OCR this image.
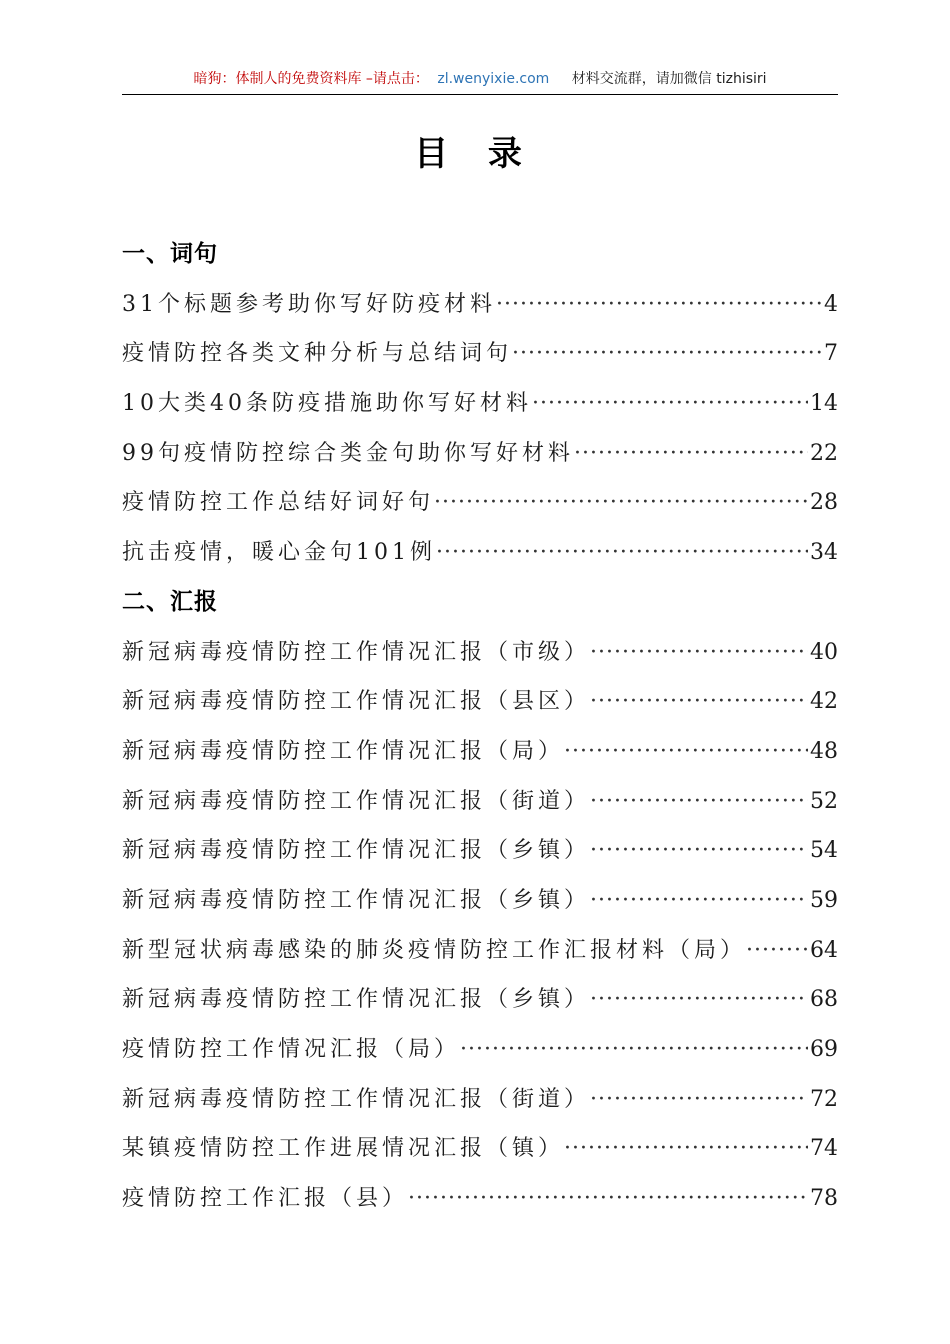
暗狗：体制人的免费资料库 –请点击： zl.wenyixie.com 材料交流群，请加微信 tizhisiri
目 录
一、词句
31个标题参考助你写好防疫材料 ·····	4
疫情防控各类文种分析与总结词句 ·····	7
10大类40条防疫措施助你写好材料 ·····	14
99句疫情防控综合类金句助你写好材料 ·····	22
疫情防控工作总结好词好句 ·····	28
抗击疫情，暖心金句101例 ·····	34
二、汇报
新冠病毒疫情防控工作情况汇报（市级） ·····	40
新冠病毒疫情防控工作情况汇报（县区） ·····	42
新冠病毒疫情防控工作情况汇报（局） ·····	48
新冠病毒疫情防控工作情况汇报（街道） ·····	52
新冠病毒疫情防控工作情况汇报（乡镇） ·····	54
新冠病毒疫情防控工作情况汇报（乡镇） ·····	59
新型冠状病毒感染的肺炎疫情防控工作汇报材料（局） ·····	64
新冠病毒疫情防控工作情况汇报（乡镇） ·····	68
疫情防控工作情况汇报（局） ·····	69
新冠病毒疫情防控工作情况汇报（街道） ·····	72
某镇疫情防控工作进展情况汇报（镇） ·····	74
疫情防控工作汇报（县） ·····	78
